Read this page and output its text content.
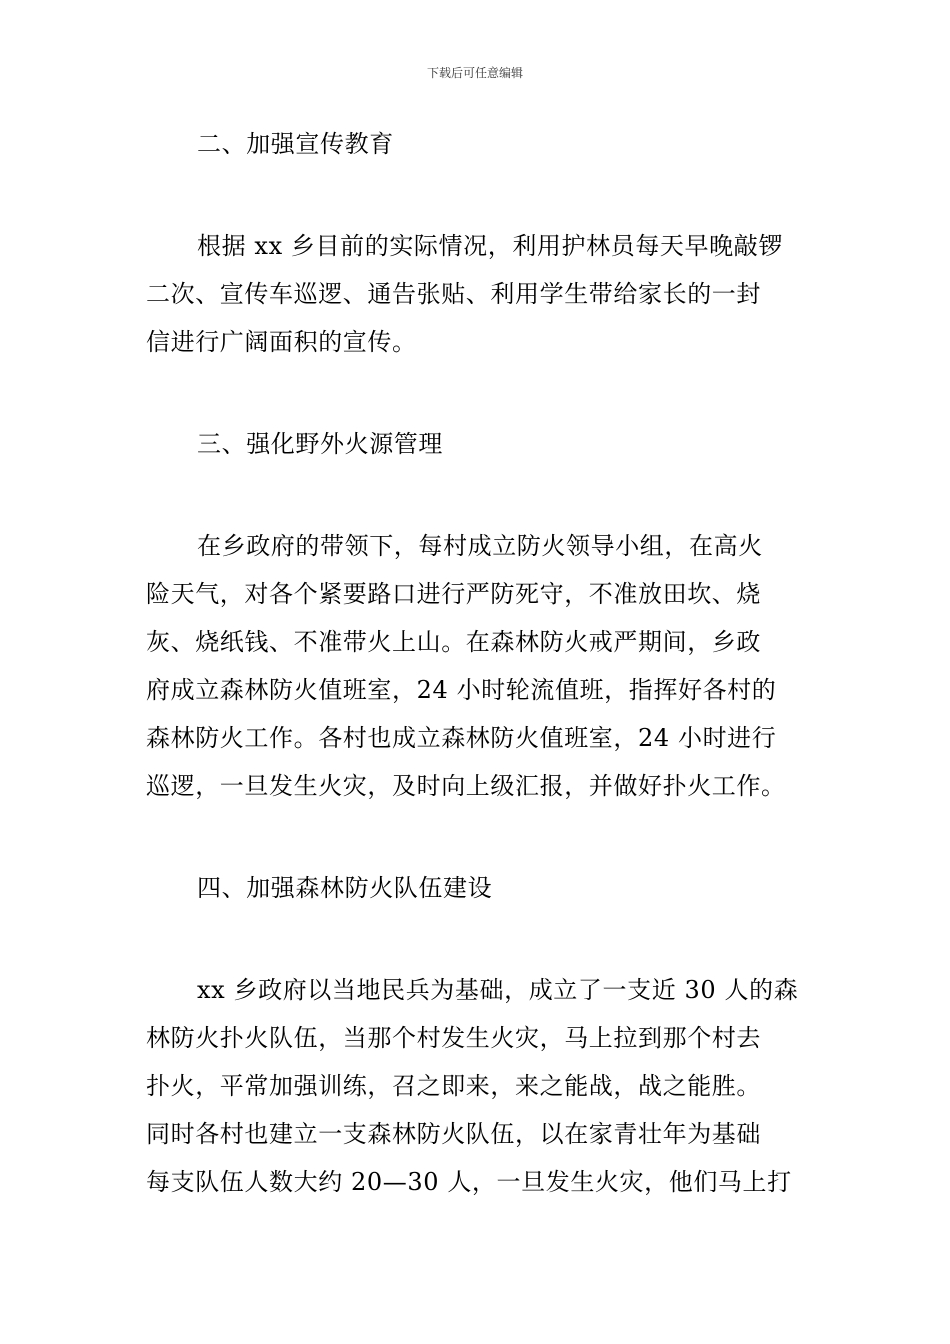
下载后可任意编辑
二、加强宣传教育
根据 xx 乡目前的实际情况，利用护林员每天早晚敲锣
二次、宣传车巡逻、通告张贴、利用学生带给家长的一封
信进行广阔面积的宣传。
三、强化野外火源管理
在乡政府的带领下，每村成立防火领导小组，在高火
险天气，对各个紧要路口进行严防死守，不准放田坎、烧
灰、烧纸钱、不准带火上山。在森林防火戒严期间，乡政
府成立森林防火值班室，24 小时轮流值班，指挥好各村的
森林防火工作。各村也成立森林防火值班室，24 小时进行
巡逻，一旦发生火灾，及时向上级汇报，并做好扑火工作。
四、加强森林防火队伍建设
xx 乡政府以当地民兵为基础，成立了一支近 30 人的森
林防火扑火队伍，当那个村发生火灾，马上拉到那个村去
扑火，平常加强训练，召之即来，来之能战，战之能胜。
同时各村也建立一支森林防火队伍，以在家青壮年为基础
每支队伍人数大约 20—30 人，一旦发生火灾，他们马上打
